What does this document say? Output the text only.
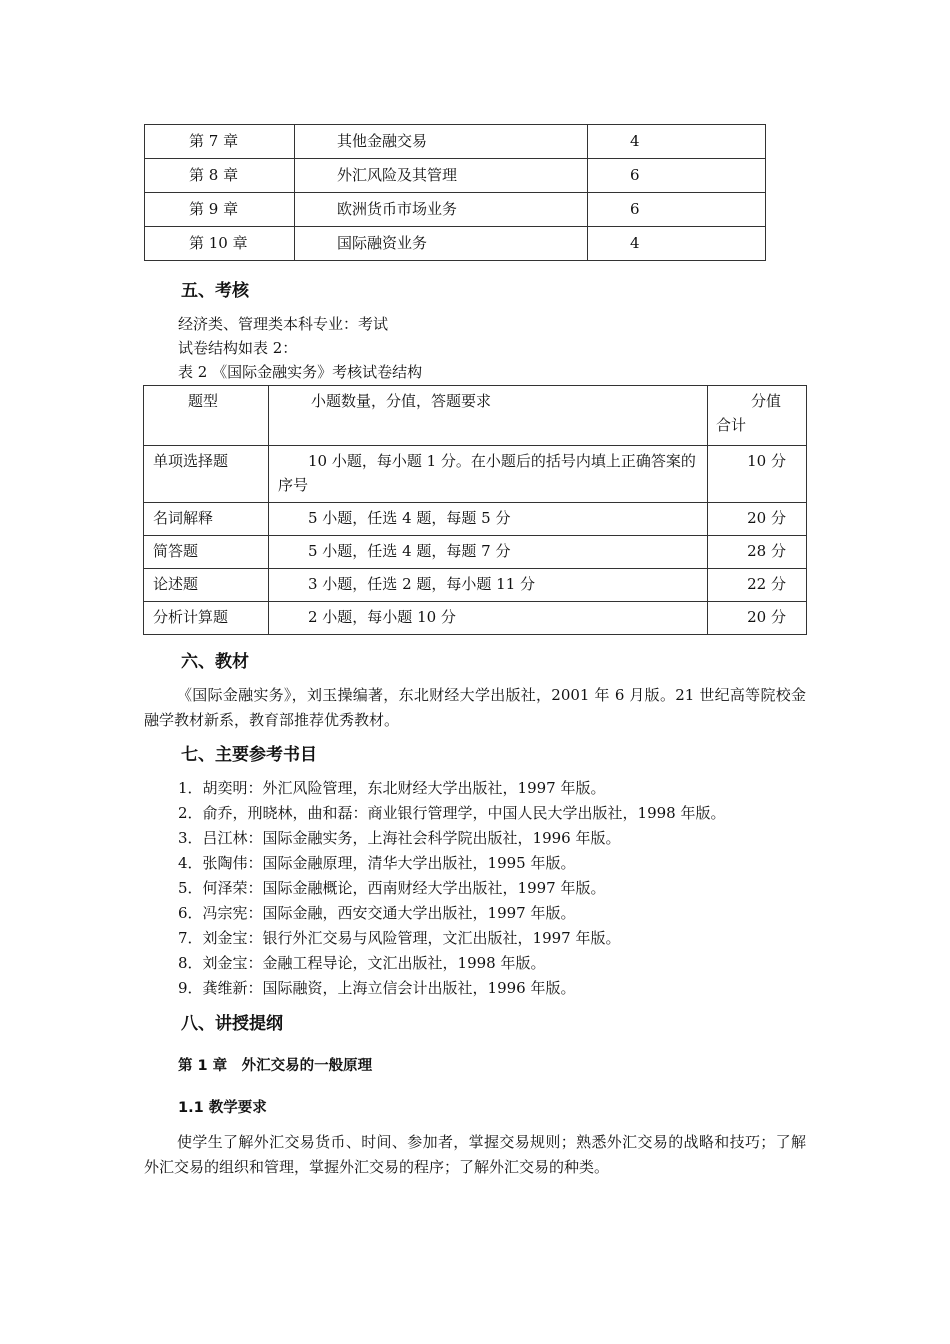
第 7 章	其他金融交易	4
第 8 章	外汇风险及其管理	6
第 9 章	欧洲货币市场业务	6
第 10 章	国际融资业务	4
五、考核
经济类、管理类本科专业：考试
试卷结构如表 2：
表 2 《国际金融实务》考核试卷结构
题型	小题数量，分值，答题要求	分值
合计
单项选择题	10 小题，每小题 1 分。在小题后的括号内填上正确答案的序号	10 分
名词解释	5 小题，任选 4 题，每题 5 分	20 分
简答题	5 小题，任选 4 题，每题 7 分	28 分
论述题	3 小题，任选 2 题，每小题 11 分	22 分
分析计算题	2 小题，每小题 10 分	20 分
六、教材
《国际金融实务》，刘玉操编著，东北财经大学出版社，2001 年 6 月版。21 世纪高等院校金融学教材新系，教育部推荐优秀教材。
七、主要参考书目
1．胡奕明：外汇风险管理，东北财经大学出版社，1997 年版。
2．俞乔，刑晓林，曲和磊：商业银行管理学，中国人民大学出版社，1998 年版。
3．吕江林：国际金融实务，上海社会科学院出版社，1996 年版。
4．张陶伟：国际金融原理，清华大学出版社，1995 年版。
5．何泽荣：国际金融概论，西南财经大学出版社，1997 年版。
6．冯宗宪：国际金融，西安交通大学出版社，1997 年版。
7．刘金宝：银行外汇交易与风险管理，文汇出版社，1997 年版。
8．刘金宝：金融工程导论，文汇出版社，1998 年版。
9．龚维新：国际融资，上海立信会计出版社，1996 年版。
八、讲授提纲
第 1 章　外汇交易的一般原理
1.1 教学要求
使学生了解外汇交易货币、时间、参加者，掌握交易规则；熟悉外汇交易的战略和技巧；了解外汇交易的组织和管理，掌握外汇交易的程序；了解外汇交易的种类。
